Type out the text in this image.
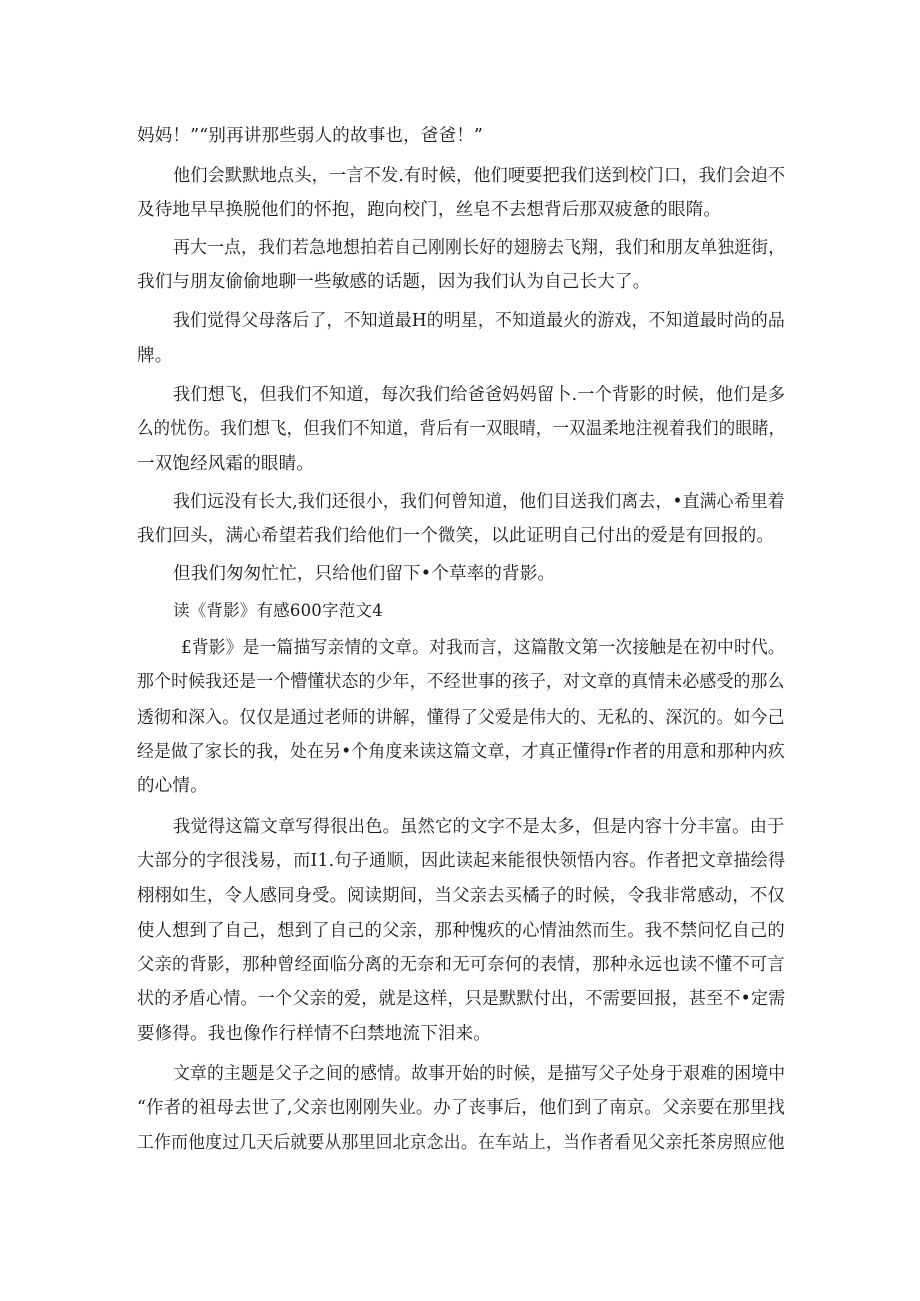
妈妈！”“别再讲那些弱人的故事也，爸爸！”
他们会默默地点头，一言不发.有时候，他们哽要把我们送到校门口，我们会迫不
及待地早早换脱他们的怀抱，跑向校门，丝皂不去想背后那双疲惫的眼隋。
再大一点，我们若急地想拍若自己刚刚长好的翅膀去飞翔，我们和朋友单独逛街，
我们与朋友偷偷地聊一些敏感的话题，因为我们认为自己长大了。
我们觉得父母落后了，不知道最H的明星，不知道最火的游戏，不知道最时尚的品
牌。
我们想飞，但我们不知道，每次我们给爸爸妈妈留卜.一个背影的时候，他们是多
么的忧伤。我们想飞，但我们不知道，背后有一双眼晴，一双温柔地注视着我们的眼睹，
一双饱经风霜的眼睛。
我们远没有长大,我们还很小，我们何曾知道，他们目送我们离去，•直满心希里着
我们回头，满心希望若我们给他们一个微笑，以此证明自己付出的爱是有回报的。
但我们匆匆忙忙，只给他们留下•个草率的背影。
读《背影》有感600字范文4
£背影》是一篇描写亲情的文章。对我而言，这篇散文第一次接触是在初中时代。
那个时候我还是一个懵懂状态的少年，不经世事的孩子，对文章的真情未必感受的那么
透彻和深入。仅仅是通过老师的讲解，懂得了父爱是伟大的、无私的、深沉的。如今己
经是做了家长的我，处在另•个角度来读这篇文章，才真正懂得r作者的用意和那种内疚
的心情。
我觉得这篇文章写得很出色。虽然它的文字不是太多，但是内容十分丰富。由于
大部分的字很浅易，而I1.句子通顺，因此读起来能很快领悟内容。作者把文章描绘得
栩栩如生，令人感同身受。阅读期间，当父亲去买橘子的时候，令我非常感动，不仅
使人想到了自己，想到了自己的父亲，那种愧疚的心情油然而生。我不禁问忆自己的
父亲的背影，那种曾经面临分离的无奈和无可奈何的表情，那种永远也读不懂不可言
状的矛盾心情。一个父亲的爱，就是这样，只是默默付出，不需要回报，甚至不•定需
要修得。我也像作行样情不臼禁地流下泪来。
文章的主题是父子之间的感情。故事开始的时候，是描写父子处身于艰难的困境中
“作者的祖母去世了,父亲也刚刚失业。办了丧事后，他们到了南京。父亲要在那里找
工作而他度过几天后就要从那里回北京念出。在车站上，当作者看见父亲托茶房照应他
